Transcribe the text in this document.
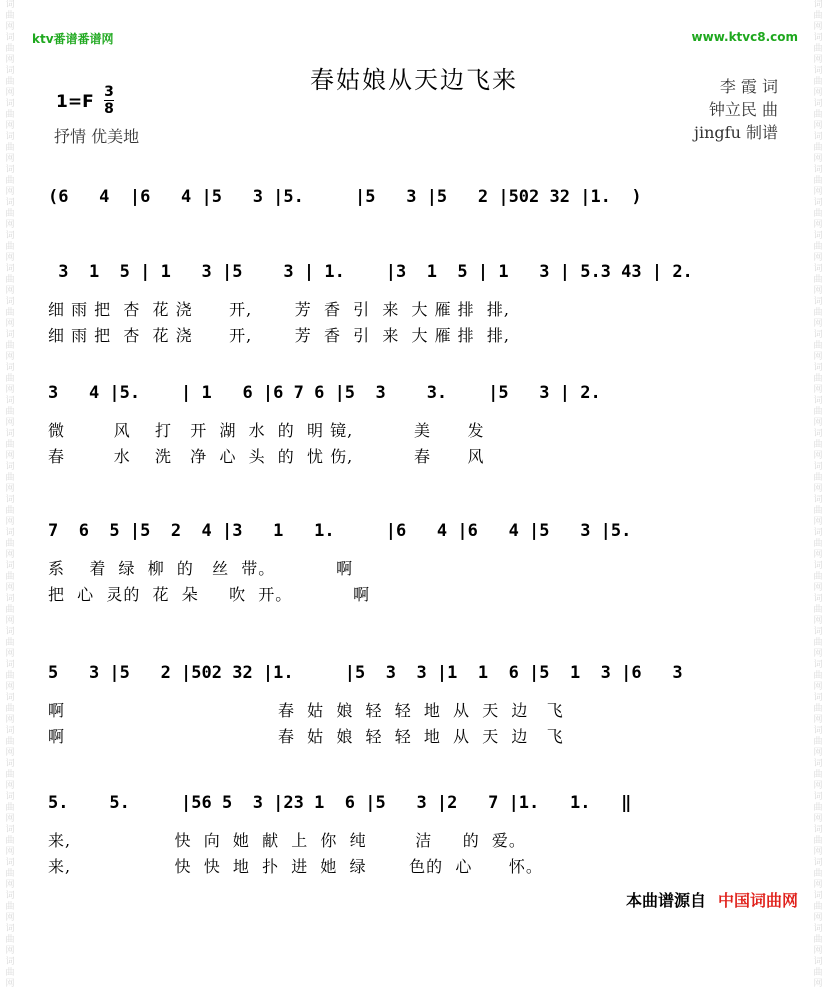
词曲网词曲网词曲网词曲网词曲网词曲网词曲网词曲网词曲网词曲网词曲网词曲网词曲网词曲网词曲网词曲网词曲网词曲网词曲网词曲网词曲网词曲网词曲网词曲网词曲网词曲网词曲网词曲网词曲网词曲网
词曲网词曲网词曲网词曲网词曲网词曲网词曲网词曲网词曲网词曲网词曲网词曲网词曲网词曲网词曲网词曲网词曲网词曲网词曲网词曲网词曲网词曲网词曲网词曲网词曲网词曲网词曲网词曲网词曲网词曲网
ktv番谱番谱网	www.ktvc8.com
春姑娘从天边飞来
1=F 3
8
抒情 优美地
李 霞 词
钟立民 曲
jingfu 制谱
(6   4  |6   4 |5   3 |5.     |5   3 |5   2 |502 32 |1.  )
3  1  5 | 1   3 |5    3 | 1.    |3  1  5 | 1   3 | 5.3 43 | 2.
细 雨 把  杏  花 浇      开,       芳  香  引  来  大 雁 排  排,
细 雨 把  杏  花 浇      开,       芳  香  引  来  大 雁 排  排,
3   4 |5.    | 1   6 |6 7 6 |5  3    3.    |5   3 | 2.
微        风    打   开  湖  水  的  明 镜,          美      发
春        水    洗   净  心  头  的  忧 伤,          春      风
7  6  5 |5  2  4 |3   1   1.     |6   4 |6   4 |5   3 |5.
系    着  绿  柳  的   丝  带。          啊
把  心  灵的  花  朵     吹  开。          啊
5   3 |5   2 |502 32 |1.     |5  3  3 |1  1  6 |5  1  3 |6   3
啊                                   春  姑  娘  轻  轻  地  从  天  边   飞
啊                                   春  姑  娘  轻  轻  地  从  天  边   飞
5.    5.     |56 5  3 |23 1  6 |5   3 |2   7 |1.   1.   ‖
来,                 快  向  她  献  上  你  纯        洁     的  爱。
来,                 快  快  地  扑  进  她  绿       色的  心      怀。
本曲谱源自 中国词曲网
